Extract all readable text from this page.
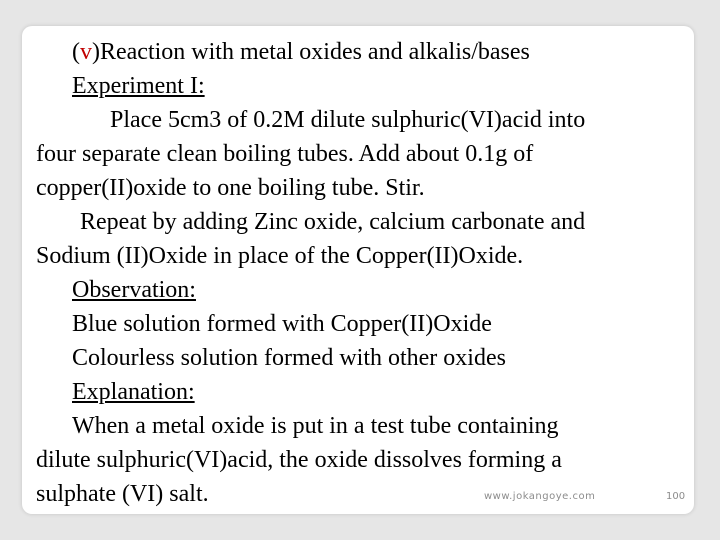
(v)Reaction with metal oxides and alkalis/bases
Experiment I:
Place 5cm3 of 0.2M dilute sulphuric(VI)acid into
four separate clean boiling tubes. Add about 0.1g of
copper(II)oxide to one boiling tube. Stir.
Repeat by adding Zinc oxide, calcium carbonate and
Sodium (II)Oxide in place of the Copper(II)Oxide.
Observation:
Blue solution formed with Copper(II)Oxide
Colourless solution formed with other oxides
Explanation:
When a metal oxide is put in a test tube containing
dilute sulphuric(VI)acid, the oxide dissolves forming a
sulphate (VI) salt.	www.jokangoye.com	100
